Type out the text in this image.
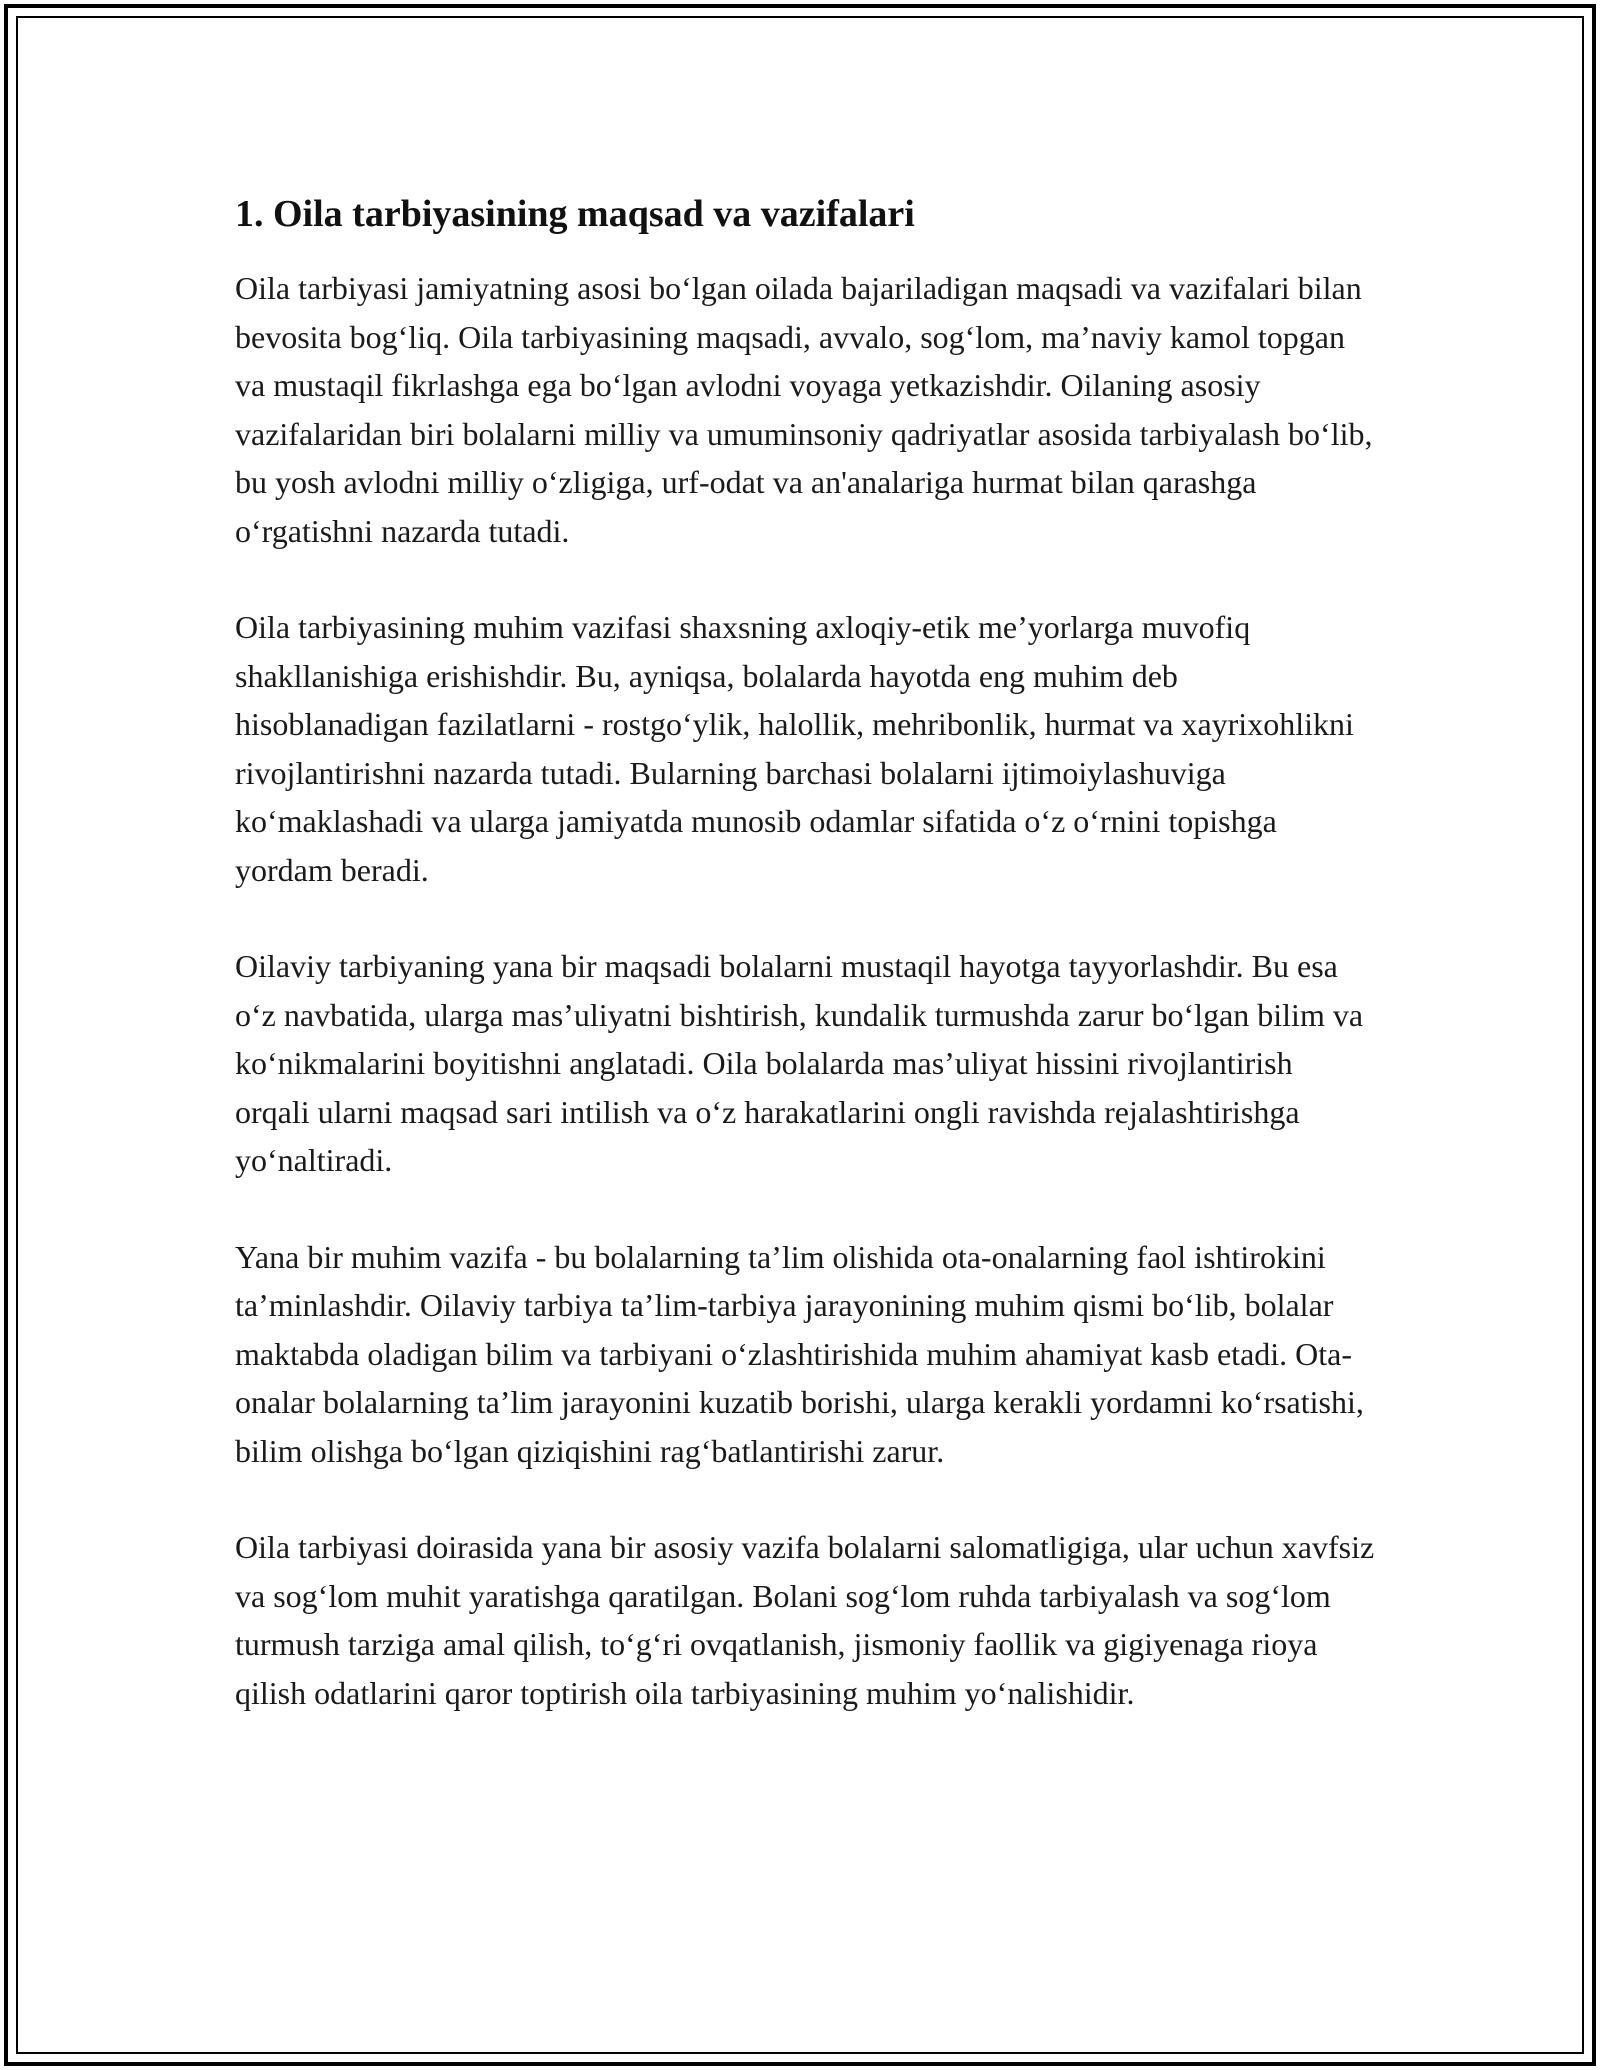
1. Oila tarbiyasining maqsad va vazifalari

Oila tarbiyasi jamiyatning asosi bo‘lgan oilada bajariladigan maqsadi va vazifalari bilan bevosita bog‘liq. Oila tarbiyasining maqsadi, avvalo, sog‘lom, ma’naviy kamol topgan va mustaqil fikrlashga ega bo‘lgan avlodni voyaga yetkazishdir. Oilaning asosiy vazifalaridan biri bolalarni milliy va umuminsoniy qadriyatlar asosida tarbiyalash bo‘lib, bu yosh avlodni milliy o‘zligiga, urf-odat va an'analariga hurmat bilan qarashga o‘rgatishni nazarda tutadi.

Oila tarbiyasining muhim vazifasi shaxsning axloqiy-etik me’yorlarga muvofiq shakllanishiga erishishdir. Bu, ayniqsa, bolalarda hayotda eng muhim deb hisoblanadigan fazilatlarni - rostgo‘ylik, halollik, mehribonlik, hurmat va xayrixohlikni rivojlantirishni nazarda tutadi. Bularning barchasi bolalarni ijtimoiylashuviga ko‘maklashadi va ularga jamiyatda munosib odamlar sifatida o‘z o‘rnini topishga yordam beradi.

Oilaviy tarbiyaning yana bir maqsadi bolalarni mustaqil hayotga tayyorlashdir. Bu esa o‘z navbatida, ularga mas’uliyatni bishtirish, kundalik turmushda zarur bo‘lgan bilim va ko‘nikmalarini boyitishni anglatadi. Oila bolalarda mas’uliyat hissini rivojlantirish orqali ularni maqsad sari intilish va o‘z harakatlarini ongli ravishda rejalashtirishga yo‘naltiradi.

Yana bir muhim vazifa - bu bolalarning ta’lim olishida ota-onalarning faol ishtirokini ta’minlashdir. Oilaviy tarbiya ta’lim-tarbiya jarayonining muhim qismi bo‘lib, bolalar maktabda oladigan bilim va tarbiyani o‘zlashtirishida muhim ahamiyat kasb etadi. Ota-onalar bolalarning ta’lim jarayonini kuzatib borishi, ularga kerakli yordamni ko‘rsatishi, bilim olishga bo‘lgan qiziqishini rag‘batlantirishi zarur.

Oila tarbiyasi doirasida yana bir asosiy vazifa bolalarni salomatligiga, ular uchun xavfsiz va sog‘lom muhit yaratishga qaratilgan. Bolani sog‘lom ruhda tarbiyalash va sog‘lom turmush tarziga amal qilish, to‘g‘ri ovqatlanish, jismoniy faollik va gigiyenaga rioya qilish odatlarini qaror toptirish oila tarbiyasining muhim yo‘nalishidir.
